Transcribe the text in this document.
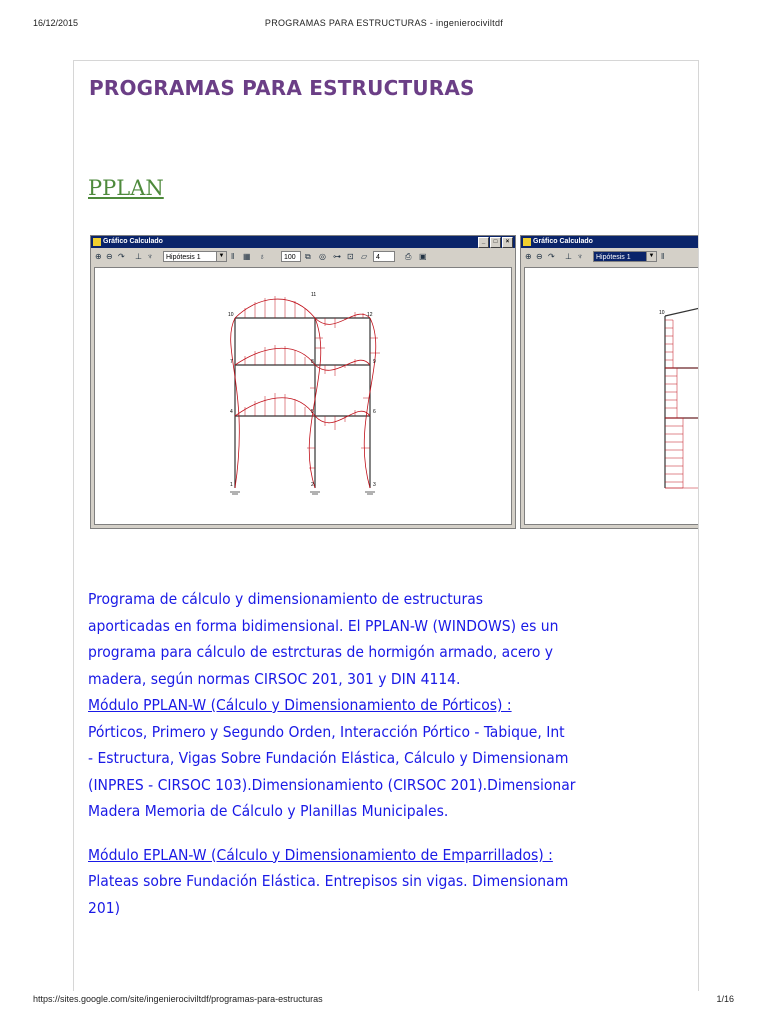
16/12/2015	PROGRAMAS PARA ESTRUCTURAS - ingenierociviltdf
PROGRAMAS PARA ESTRUCTURAS
PPLAN
Gráfico Calculado	_ □ ×
⊕ ⊖ ↷ ⊥ ♆	Hipótesis 1	▼ ‖ ▦ ♁	100	⧉ ◎ ⊶ ⊡ ▱	4	⎙ ▣
1	2	3
4	5	6
7	8	9
10
11
12
Gráfico Calculado
⊕ ⊖ ↷ ⊥ ♆	Hipótesis 1	▼ ‖
10

Programa de cálculo y dimensionamiento de estructuras

aporticadas en forma bidimensional. El PPLAN-W (WINDOWS) es un

programa para cálculo de estrcturas de hormigón armado, acero y

madera, según normas CIRSOC 201, 301 y DIN 4114.

Módulo PPLAN-W (Cálculo y Dimensionamiento de Pórticos) :

Pórticos, Primero y Segundo Orden, Interacción Pórtico - Tabique, Int

- Estructura, Vigas Sobre Fundación Elástica, Cálculo y Dimensionam

(INPRES - CIRSOC 103).Dimensionamiento (CIRSOC 201).Dimensionar

Madera Memoria de Cálculo y Planillas Municipales.

Módulo EPLAN-W (Cálculo y Dimensionamiento de Emparrillados) :

Plateas sobre Fundación Elástica. Entrepisos sin vigas. Dimensionam

201)

https://sites.google.com/site/ingenierociviltdf/programas-para-estructuras	1/16
